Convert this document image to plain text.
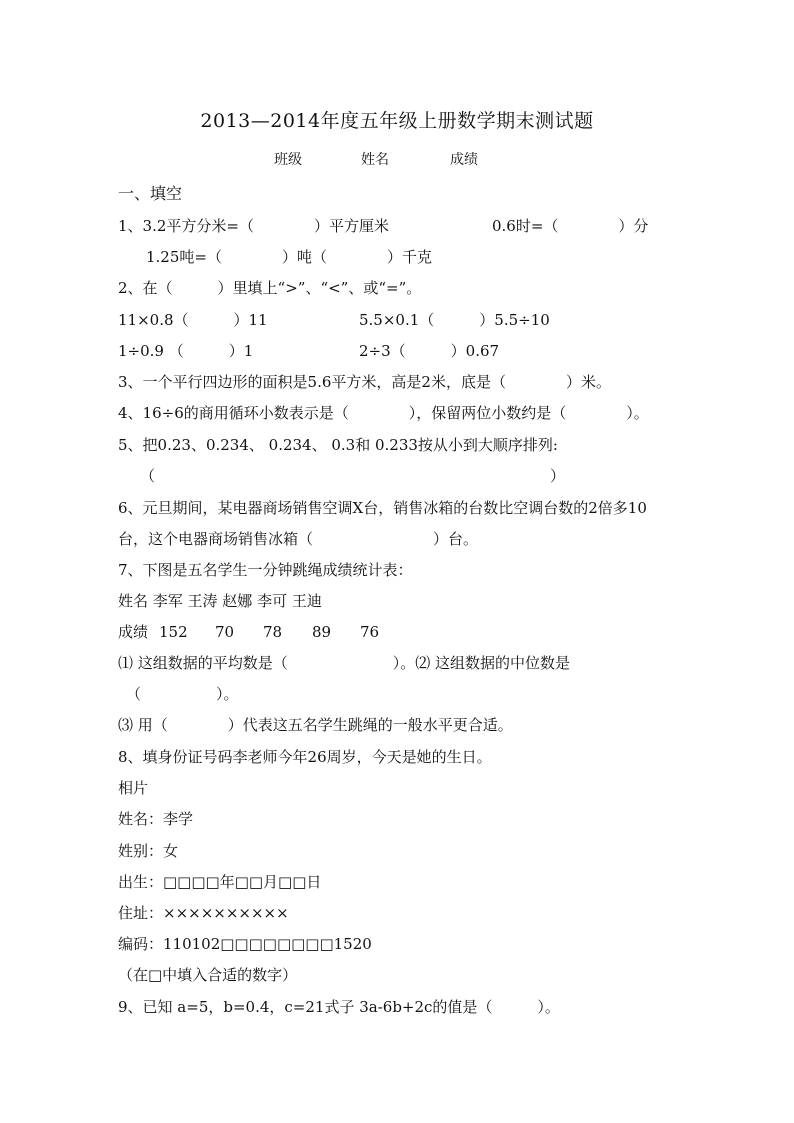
2013—2014年度五年级上册数学期末测试题
班级	姓名	成绩
一、填空
1、3.2平方分米=（　　　　）平方厘米	0.6时=（　　　　）分
1.25吨=（　　　　）吨（　　　　）千克
2、在（　　　）里填上“>”、“<”、或“=”。
11×0.8（　　　）11	5.5×0.1（　　　）5.5÷10
1÷0.9 （　　　）1	2÷3（　　　）0.67
3、一个平行四边形的面积是5.6平方米，高是2米，底是（　　　　）米。
4、16÷6的商用循环小数表示是（　　　　），保留两位小数约是（　　　　）。
5、把0.23、0.234、 0.234、 0.3和 0.233按从小到大顺序排列:
（	）
6、元旦期间，某电器商场销售空调X台，销售冰箱的台数比空调台数的2倍多10
台，这个电器商场销售冰箱（　　　　　　　　）台。
7、下图是五名学生一分钟跳绳成绩统计表：
姓名 李军 王涛 赵娜 李可 王迪
成绩 152 70 78 89 76
⑴ 这组数据的平均数是（　　　　　　　）。⑵ 这组数据的中位数是
（　　　　　）。
⑶ 用（　　　　）代表这五名学生跳绳的一般水平更合适。
8、填身份证号码李老师今年26周岁，今天是她的生日。
相片
姓名：李学
姓别：女
出生：□□□□年□□月□□日
住址：××××××××××
编码：110102□□□□□□□□1520
（在□中填入合适的数字）
9、已知 a=5，b=0.4，c=21式子 3a-6b+2c的值是（　　　）。
